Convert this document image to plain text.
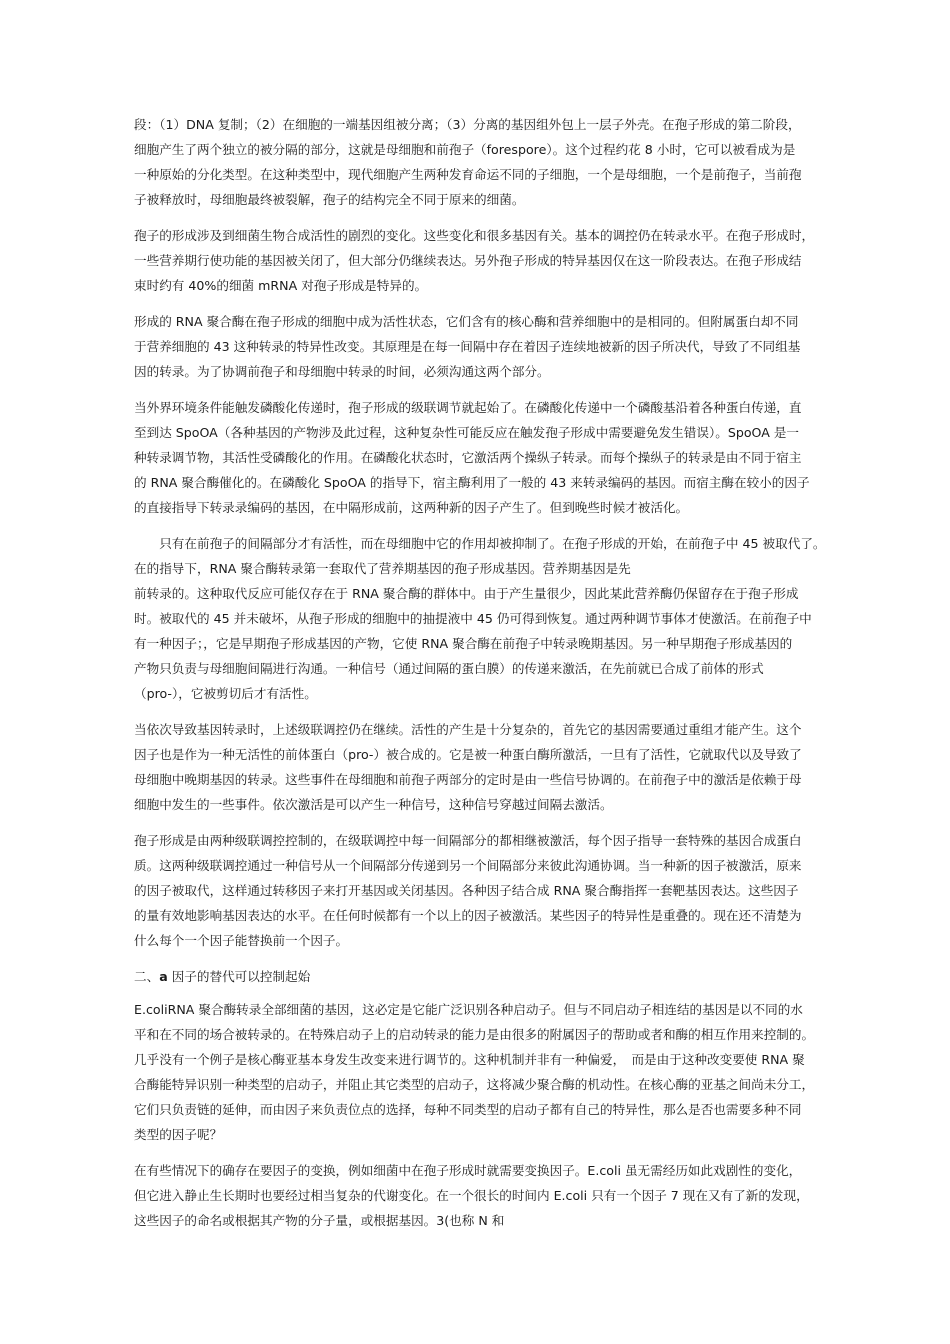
段：（1）DNA 复制；（2）在细胞的一端基因组被分离；（3）分离的基因组外包上一层子外壳。在孢子形成的第二阶段，
细胞产生了两个独立的被分隔的部分，这就是母细胞和前孢子（forespore）。这个过程约花 8 小时，它可以被看成为是
一种原始的分化类型。在这种类型中，现代细胞产生两种发育命运不同的子细胞，一个是母细胞，一个是前孢子，当前孢
子被释放时，母细胞最终被裂解，孢子的结构完全不同于原来的细菌。

孢子的形成涉及到细菌生物合成活性的剧烈的变化。这些变化和很多基因有关。基本的调控仍在转录水平。在孢子形成时，
一些营养期行使功能的基因被关闭了，但大部分仍继续表达。另外孢子形成的特异基因仅在这一阶段表达。在孢子形成结
束时约有 40%的细菌 mRNA 对孢子形成是特异的。

形成的 RNA 聚合酶在孢子形成的细胞中成为活性状态，它们含有的核心酶和营养细胞中的是相同的。但附属蛋白却不同
于营养细胞的 43 这种转录的特异性改变。其原理是在每一间隔中存在着因子连续地被新的因子所决代，导致了不同组基
因的转录。为了协调前孢子和母细胞中转录的时间，必须沟通这两个部分。

当外界环境条件能触发磷酸化传递时，孢子形成的级联调节就起始了。在磷酸化传递中一个磷酸基沿着各种蛋白传递，直
至到达 SpoOA（各种基因的产物涉及此过程，这种复杂性可能反应在触发孢子形成中需要避免发生错误）。SpoOA 是一
种转录调节物，其活性受磷酸化的作用。在磷酸化状态时，它激活两个操纵子转录。而每个操纵子的转录是由不同于宿主
的 RNA 聚合酶催化的。在磷酸化 SpoOA 的指导下，宿主酶利用了一般的 43 来转录编码的基因。而宿主酶在较小的因子
的直接指导下转录录编码的基因，在中隔形成前，这两种新的因子产生了。但到晚些时候才被活化。

　　只有在前孢子的间隔部分才有活性，而在母细胞中它的作用却被抑制了。在孢子形成的开始，在前孢子中 45 被取代了。
在的指导下，RNA 聚合酶转录第一套取代了营养期基因的孢子形成基因。营养期基因是先
前转录的。这种取代反应可能仅存在于 RNA 聚合酶的群体中。由于产生量很少，因此某此营养酶仍保留存在于孢子形成
时。被取代的 45 并未破坏，从孢子形成的细胞中的抽提液中 45 仍可得到恢复。通过两种调节事体才使激活。在前孢子中
有一种因子；，它是早期孢子形成基因的产物，它使 RNA 聚合酶在前孢子中转录晚期基因。另一种早期孢子形成基因的
产物只负责与母细胞间隔进行沟通。一种信号（通过间隔的蛋白膜）的传递来激活，在先前就已合成了前体的形式
（pro-），它被剪切后才有活性。

当依次导致基因转录时，上述级联调控仍在继续。活性的产生是十分复杂的，首先它的基因需要通过重组才能产生。这个
因子也是作为一种无活性的前体蛋白（pro-）被合成的。它是被一种蛋白酶所激活，一旦有了活性，它就取代以及导致了
母细胞中晚期基因的转录。这些事件在母细胞和前孢子两部分的定时是由一些信号协调的。在前孢子中的激活是依赖于母
细胞中发生的一些事件。依次激活是可以产生一种信号，这种信号穿越过间隔去激活。

孢子形成是由两种级联调控控制的，在级联调控中每一间隔部分的都相继被激活，每个因子指导一套特殊的基因合成蛋白
质。这两种级联调控通过一种信号从一个间隔部分传递到另一个间隔部分来彼此沟通协调。当一种新的因子被激活，原来
的因子被取代，这样通过转移因子来打开基因或关闭基因。各种因子结合成 RNA 聚合酶指挥一套靶基因表达。这些因子
的量有效地影响基因表达的水平。在任何时候都有一个以上的因子被激活。某些因子的特异性是重叠的。现在还不清楚为
什么每个一个因子能替换前一个因子。

二、a 因子的替代可以控制起始

E.coliRNA 聚合酶转录全部细菌的基因，这必定是它能广泛识别各种启动子。但与不同启动子相连结的基因是以不同的水
平和在不同的场合被转录的。在特殊启动子上的启动转录的能力是由很多的附属因子的帮助或者和酶的相互作用来控制的。
几乎没有一个例子是核心酶亚基本身发生改变来进行调节的。这种机制并非有一种偏爱，　而是由于这种改变要使 RNA 聚
合酶能特异识别一种类型的启动子，并阻止其它类型的启动子，这将减少聚合酶的机动性。在核心酶的亚基之间尚未分工，
它们只负责链的延伸，而由因子来负责位点的选择，每种不同类型的启动子都有自己的特异性，那么是否也需要多种不同
类型的因子呢？

在有些情况下的确存在要因子的变换，例如细菌中在孢子形成时就需要变换因子。E.coli 虽无需经历如此戏剧性的变化，
但它进入静止生长期时也要经过相当复杂的代谢变化。在一个很长的时间内 E.coli 只有一个因子 7 现在又有了新的发现，
这些因子的命名或根据其产物的分子量，或根据基因。3(也称 N 和
